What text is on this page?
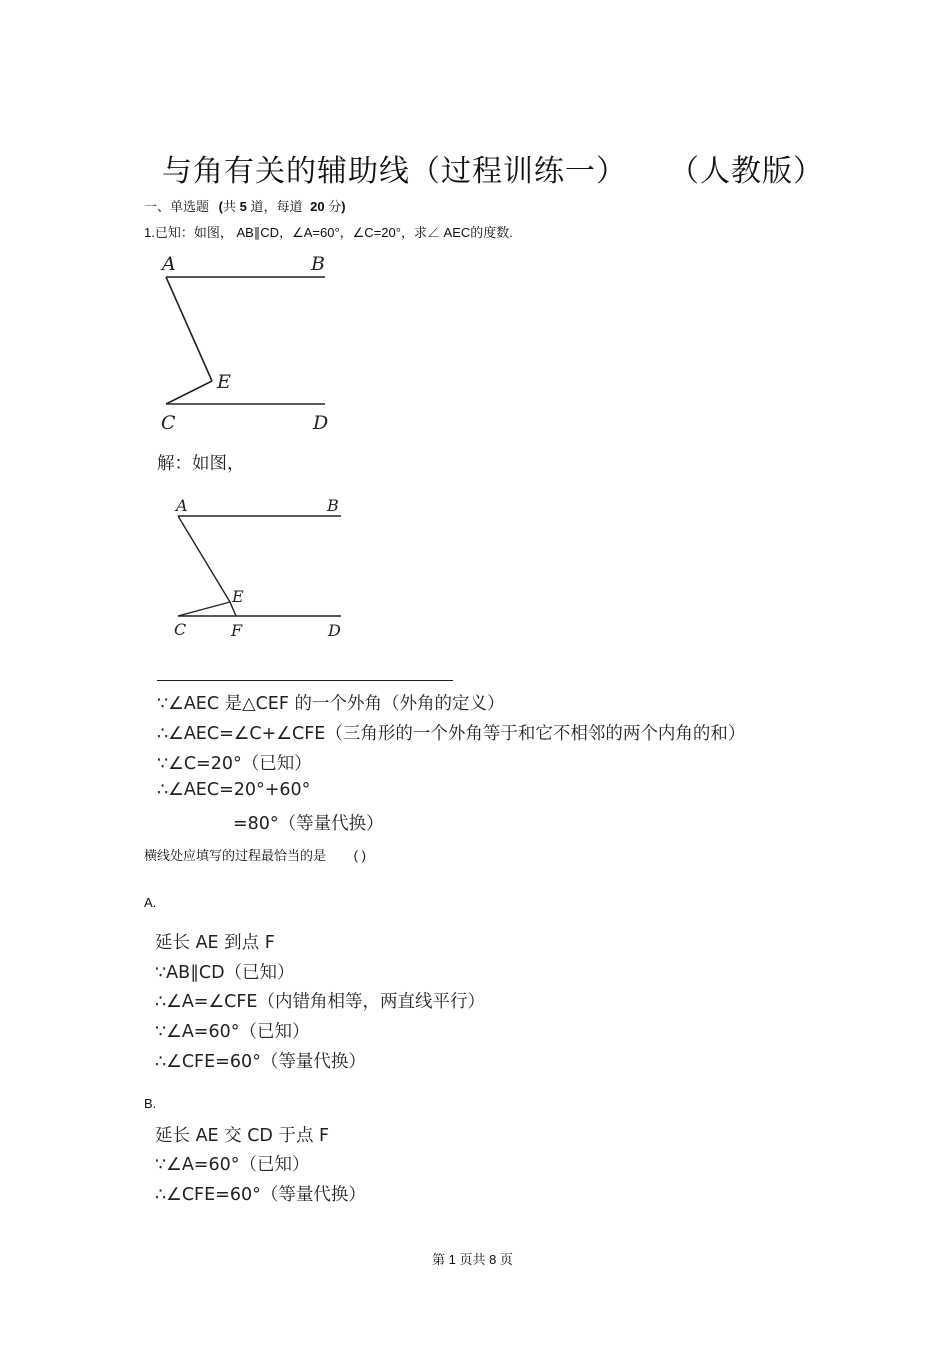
与角有关的辅助线（过程训练一） （人教版）
一、单选题 (共 5 道，每道 20 分)
1.已知：如图， AB∥CD，∠A=60°，∠C=20°，求∠ AEC的度数.
A	B
E
C	D
解：如图，
A	B
E
C	F	D
∵∠AEC 是△CEF 的一个外角（外角的定义）
∴∠AEC=∠C+∠CFE（三角形的一个外角等于和它不相邻的两个内角的和）
∵∠C=20°（已知）
∴∠AEC=20°+60°
=80°（等量代换）
横线处应填写的过程最恰当的是 ( )
A.
延长 AE 到点 F
∵AB∥CD（已知）
∴∠A=∠CFE（内错角相等，两直线平行）
∵∠A=60°（已知）
∴∠CFE=60°（等量代换）
B.
延长 AE 交 CD 于点 F
∵∠A=60°（已知）
∴∠CFE=60°（等量代换）
第 1 页共 8 页
